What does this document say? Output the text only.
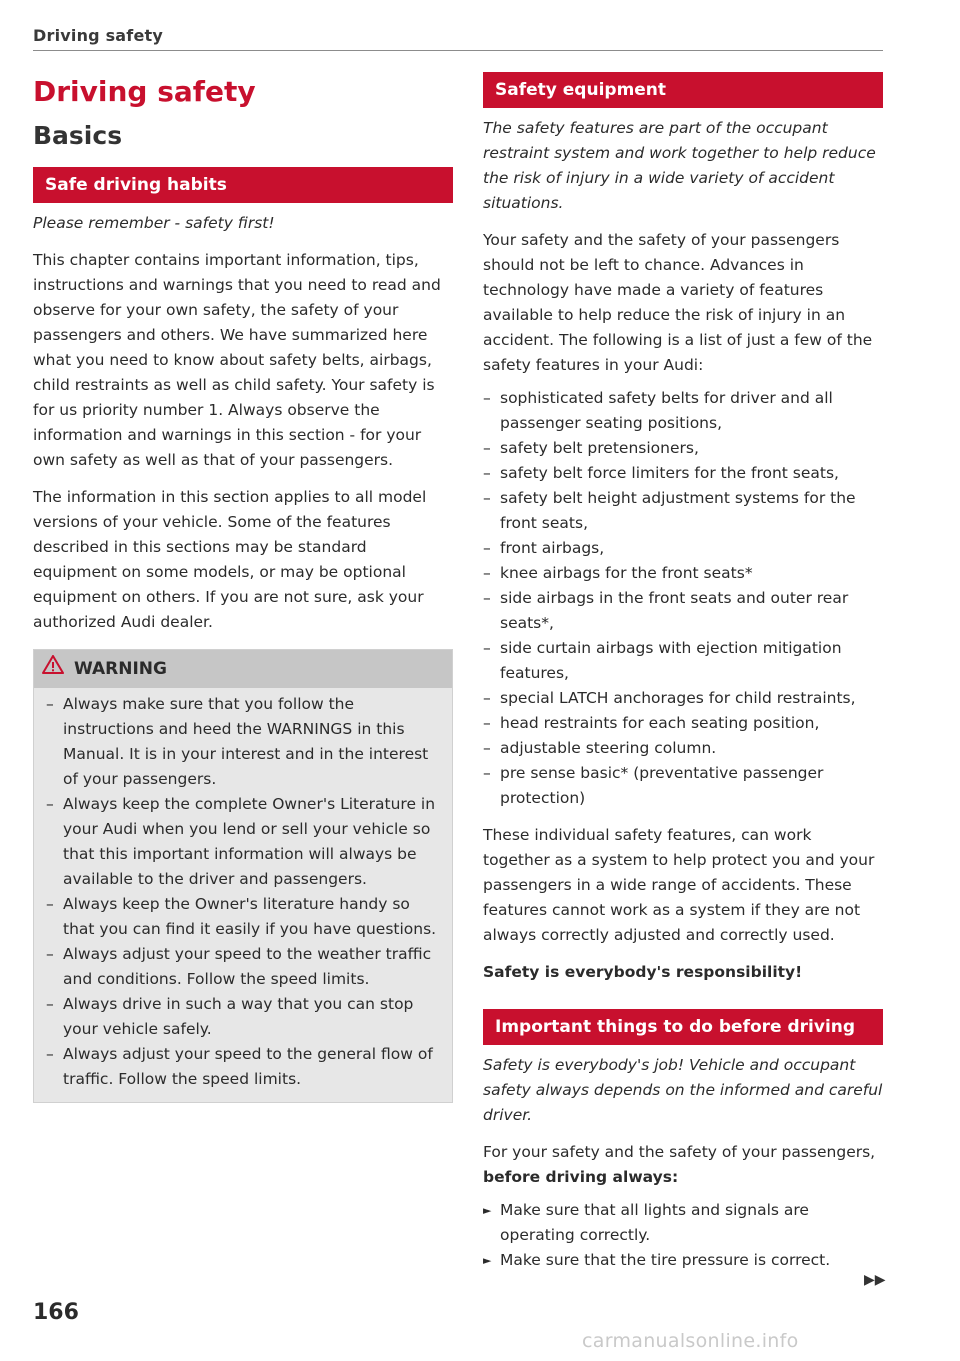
Driving safety
Driving safety
Basics
Safe driving habits
Please remember - safety first!

This chapter contains important information, tips, instructions and warnings that you need to read and observe for your own safety, the safety of your passengers and others. We have summarized here what you need to know about safety belts, airbags, child restraints as well as child safety. Your safety is for us priority number 1. Always observe the information and warnings in this section - for your own safety as well as that of your passengers.

The information in this section applies to all model versions of your vehicle. Some of the features described in this sections may be standard equipment on some models, or may be optional equipment on others. If you are not sure, ask your authorized Audi dealer.

WARNING
– Always make sure that you follow the instructions and heed the WARNINGS in this Manual. It is in your interest and in the interest of your passengers.
– Always keep the complete Owner's Literature in your Audi when you lend or sell your vehicle so that this important information will always be available to the driver and passengers.
– Always keep the Owner's literature handy so that you can find it easily if you have questions.
– Always adjust your speed to the weather traffic and conditions. Follow the speed limits.
– Always drive in such a way that you can stop your vehicle safely.
– Always adjust your speed to the general flow of traffic. Follow the speed limits.
Safety equipment
The safety features are part of the occupant restraint system and work together to help reduce the risk of injury in a wide variety of accident situations.

Your safety and the safety of your passengers should not be left to chance. Advances in technology have made a variety of features available to help reduce the risk of injury in an accident. The following is a list of just a few of the safety features in your Audi:

– sophisticated safety belts for driver and all passenger seating positions,
– safety belt pretensioners,
– safety belt force limiters for the front seats,
– safety belt height adjustment systems for the front seats,
– front airbags,
– knee airbags for the front seats*
– side airbags in the front seats and outer rear seats*,
– side curtain airbags with ejection mitigation features,
– special LATCH anchorages for child restraints,
– head restraints for each seating position,
– adjustable steering column.
– pre sense basic* (preventative passenger protection)

These individual safety features, can work together as a system to help protect you and your passengers in a wide range of accidents. These features cannot work as a system if they are not always correctly adjusted and correctly used.

Safety is everybody's responsibility!
Important things to do before driving
Safety is everybody's job! Vehicle and occupant safety always depends on the informed and careful driver.

For your safety and the safety of your passengers, before driving always:

► Make sure that all lights and signals are operating correctly.
► Make sure that the tire pressure is correct.
▶▶
166
carmanualsonline.info
